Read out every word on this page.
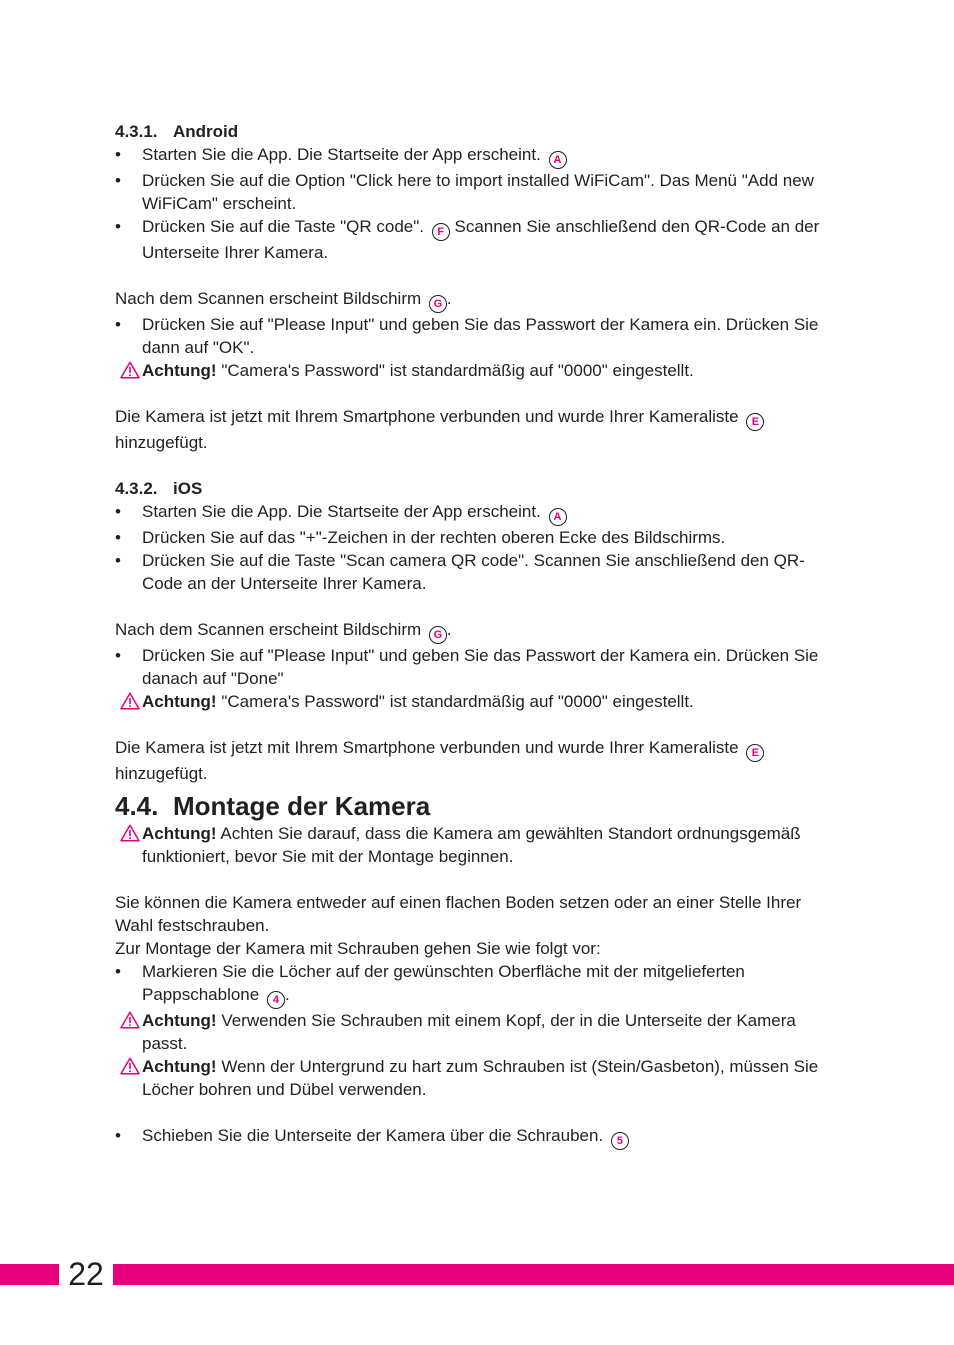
4.3.1. Android

• Starten Sie die App. Die Startseite der App erscheint. A

• Drücken Sie auf die Option "Click here to import installed WiFiCam". Das Menü "Add new WiFiCam" erscheint.

• Drücken Sie auf die Taste "QR code". F Scannen Sie anschließend den QR-Code an der Unterseite Ihrer Kamera.

Nach dem Scannen erscheint Bildschirm G .

• Drücken Sie auf "Please Input" und geben Sie das Passwort der Kamera ein. Drücken Sie dann auf "OK".

Achtung! "Camera's Password" ist standardmäßig auf "0000" eingestellt.

Die Kamera ist jetzt mit Ihrem Smartphone verbunden und wurde Ihrer Kameraliste E
hinzugefügt.

4.3.2. iOS

• Starten Sie die App. Die Startseite der App erscheint. A

• Drücken Sie auf das "+"-Zeichen in der rechten oberen Ecke des Bildschirms.

• Drücken Sie auf die Taste "Scan camera QR code". Scannen Sie anschließend den QR-Code an der Unterseite Ihrer Kamera.

Nach dem Scannen erscheint Bildschirm G .

• Drücken Sie auf "Please Input" und geben Sie das Passwort der Kamera ein. Drücken Sie danach auf "Done"

Achtung! "Camera's Password" ist standardmäßig auf "0000" eingestellt.

Die Kamera ist jetzt mit Ihrem Smartphone verbunden und wurde Ihrer Kameraliste E
hinzugefügt.

4.4. Montage der Kamera

Achtung! Achten Sie darauf, dass die Kamera am gewählten Standort ordnungsgemäß funktioniert, bevor Sie mit der Montage beginnen.

Sie können die Kamera entweder auf einen flachen Boden setzen oder an einer Stelle Ihrer Wahl festschrauben.

Zur Montage der Kamera mit Schrauben gehen Sie wie folgt vor:

• Markieren Sie die Löcher auf der gewünschten Oberfläche mit der mitgelieferten Pappschablone 4 .

Achtung! Verwenden Sie Schrauben mit einem Kopf, der in die Unterseite der Kamera passt.

Achtung! Wenn der Untergrund zu hart zum Schrauben ist (Stein/Gasbeton), müssen Sie Löcher bohren und Dübel verwenden.

• Schieben Sie die Unterseite der Kamera über die Schrauben. 5

22
